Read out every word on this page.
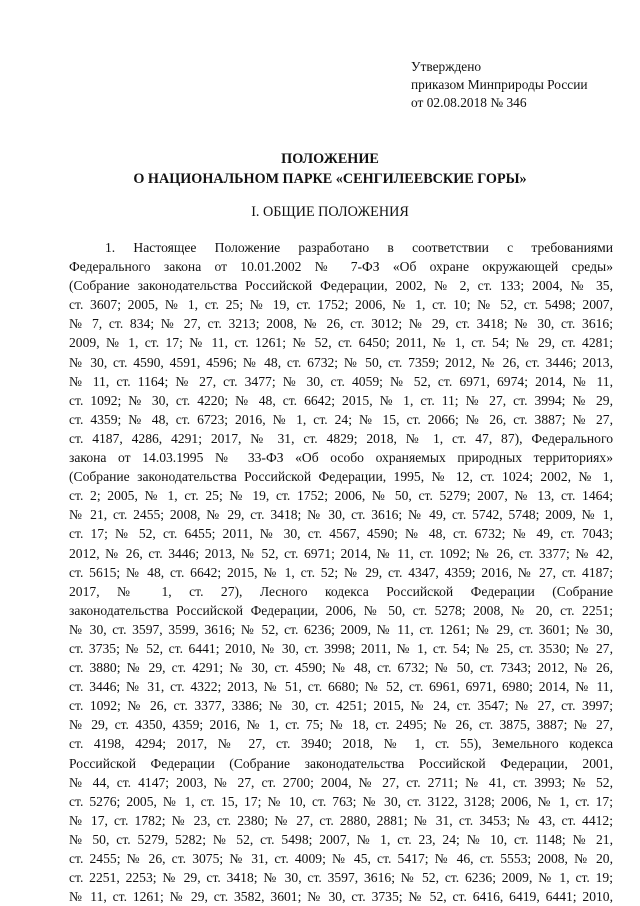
Утверждено
приказом Минприроды России
от 02.08.2018 № 346
ПОЛОЖЕНИЕ
О НАЦИОНАЛЬНОМ ПАРКЕ «СЕНГИЛЕЕВСКИЕ ГОРЫ»
I. ОБЩИЕ ПОЛОЖЕНИЯ
1. Настоящее Положение разработано в соответствии с требованиями
Федерального закона от 10.01.2002 № 7-ФЗ «Об охране окружающей среды»
(Собрание законодательства Российской Федерации, 2002, № 2, ст. 133; 2004, № 35,
ст. 3607; 2005, № 1, ст. 25; № 19, ст. 1752; 2006, № 1, ст. 10; № 52, ст. 5498; 2007,
№ 7, ст. 834; № 27, ст. 3213; 2008, № 26, ст. 3012; № 29, ст. 3418; № 30, ст. 3616;
2009, № 1, ст. 17; № 11, ст. 1261; № 52, ст. 6450; 2011, № 1, ст. 54; № 29, ст. 4281;
№ 30, ст. 4590, 4591, 4596; № 48, ст. 6732; № 50, ст. 7359; 2012, № 26, ст. 3446; 2013,
№ 11, ст. 1164; № 27, ст. 3477; № 30, ст. 4059; № 52, ст. 6971, 6974; 2014, № 11,
ст. 1092; № 30, ст. 4220; № 48, ст. 6642; 2015, № 1, ст. 11; № 27, ст. 3994; № 29,
ст. 4359; № 48, ст. 6723; 2016, № 1, ст. 24; № 15, ст. 2066; № 26, ст. 3887; № 27,
ст. 4187, 4286, 4291; 2017, № 31, ст. 4829; 2018, № 1, ст. 47, 87), Федерального
закона от 14.03.1995 № 33-ФЗ «Об особо охраняемых природных территориях»
(Собрание законодательства Российской Федерации, 1995, № 12, ст. 1024; 2002, № 1,
ст. 2; 2005, № 1, ст. 25; № 19, ст. 1752; 2006, № 50, ст. 5279; 2007, № 13, ст. 1464;
№ 21, ст. 2455; 2008, № 29, ст. 3418; № 30, ст. 3616; № 49, ст. 5742, 5748; 2009, № 1,
ст. 17; № 52, ст. 6455; 2011, № 30, ст. 4567, 4590; № 48, ст. 6732; № 49, ст. 7043;
2012, № 26, ст. 3446; 2013, № 52, ст. 6971; 2014, № 11, ст. 1092; № 26, ст. 3377; № 42,
ст. 5615; № 48, ст. 6642; 2015, № 1, ст. 52; № 29, ст. 4347, 4359; 2016, № 27, ст. 4187;
2017, № 1, ст. 27), Лесного кодекса Российской Федерации (Собрание
законодательства Российской Федерации, 2006, № 50, ст. 5278; 2008, № 20, ст. 2251;
№ 30, ст. 3597, 3599, 3616; № 52, ст. 6236; 2009, № 11, ст. 1261; № 29, ст. 3601; № 30,
ст. 3735; № 52, ст. 6441; 2010, № 30, ст. 3998; 2011, № 1, ст. 54; № 25, ст. 3530; № 27,
ст. 3880; № 29, ст. 4291; № 30, ст. 4590; № 48, ст. 6732; № 50, ст. 7343; 2012, № 26,
ст. 3446; № 31, ст. 4322; 2013, № 51, ст. 6680; № 52, ст. 6961, 6971, 6980; 2014, № 11,
ст. 1092; № 26, ст. 3377, 3386; № 30, ст. 4251; 2015, № 24, ст. 3547; № 27, ст. 3997;
№ 29, ст. 4350, 4359; 2016, № 1, ст. 75; № 18, ст. 2495; № 26, ст. 3875, 3887; № 27,
ст. 4198, 4294; 2017, № 27, ст. 3940; 2018, № 1, ст. 55), Земельного кодекса
Российской Федерации (Собрание законодательства Российской Федерации, 2001,
№ 44, ст. 4147; 2003, № 27, ст. 2700; 2004, № 27, ст. 2711; № 41, ст. 3993; № 52,
ст. 5276; 2005, № 1, ст. 15, 17; № 10, ст. 763; № 30, ст. 3122, 3128; 2006, № 1, ст. 17;
№ 17, ст. 1782; № 23, ст. 2380; № 27, ст. 2880, 2881; № 31, ст. 3453; № 43, ст. 4412;
№ 50, ст. 5279, 5282; № 52, ст. 5498; 2007, № 1, ст. 23, 24; № 10, ст. 1148; № 21,
ст. 2455; № 26, ст. 3075; № 31, ст. 4009; № 45, ст. 5417; № 46, ст. 5553; 2008, № 20,
ст. 2251, 2253; № 29, ст. 3418; № 30, ст. 3597, 3616; № 52, ст. 6236; 2009, № 1, ст. 19;
№ 11, ст. 1261; № 29, ст. 3582, 3601; № 30, ст. 3735; № 52, ст. 6416, 6419, 6441; 2010,
